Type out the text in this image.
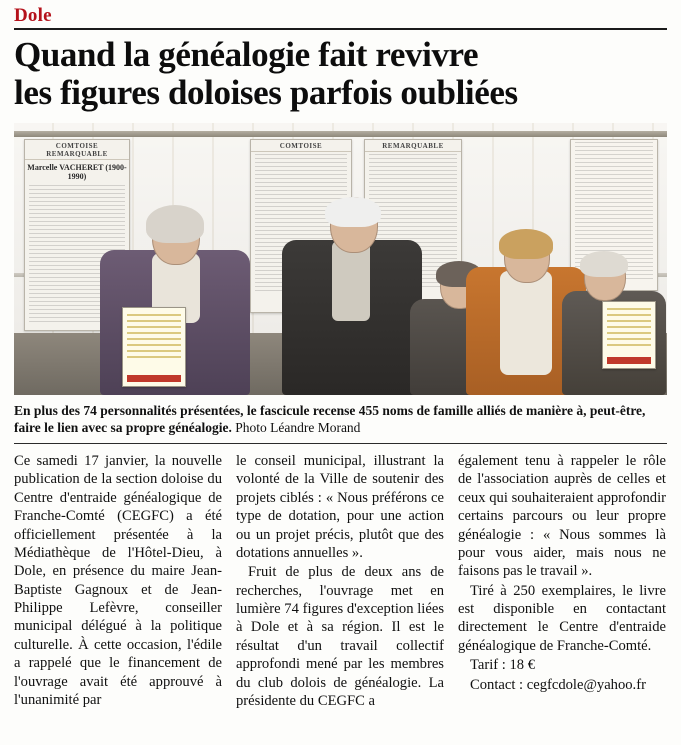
Dole
Quand la généalogie fait revivre
les figures doloises parfois oubliées
COMTOISE REMARQUABLE
Marcelle VACHERET (1900-1990)
COMTOISE	REMARQUABLE
En plus des 74 personnalités présentées, le fascicule recense 455 noms de famille alliés de manière à, peut-être, faire le lien avec sa propre généalogie. Photo Léandre Morand

Ce samedi 17 janvier, la nouvelle publication de la section doloise du Centre d'entraide généalogique de Franche-Comté (CEGFC) a été officiellement présentée à la Médiathèque de l'Hôtel-Dieu, à Dole, en présence du maire Jean-Baptiste Gagnoux et de Jean-Philippe Lefèvre, conseiller municipal délégué à la politique culturelle. À cette occasion, l'édile a rappelé que le financement de l'ouvrage avait été approuvé à l'unanimité par

le conseil municipal, illustrant la volonté de la Ville de soutenir des projets ciblés : « Nous préférons ce type de dotation, pour une action ou un projet précis, plutôt que des dotations annuelles ».

Fruit de plus de deux ans de recherches, l'ouvrage met en lumière 74 figures d'exception liées à Dole et à sa région. Il est le résultat d'un travail collectif approfondi mené par les membres du club dolois de généalogie. La présidente du CEGFC a

également tenu à rappeler le rôle de l'association auprès de celles et ceux qui souhaiteraient approfondir certains parcours ou leur propre généalogie : « Nous sommes là pour vous aider, mais nous ne faisons pas le travail ».

Tiré à 250 exemplaires, le livre est disponible en contactant directement le Centre d'entraide généalogique de Franche-Comté.

Tarif : 18 €

Contact : cegfcdole@yahoo.fr
